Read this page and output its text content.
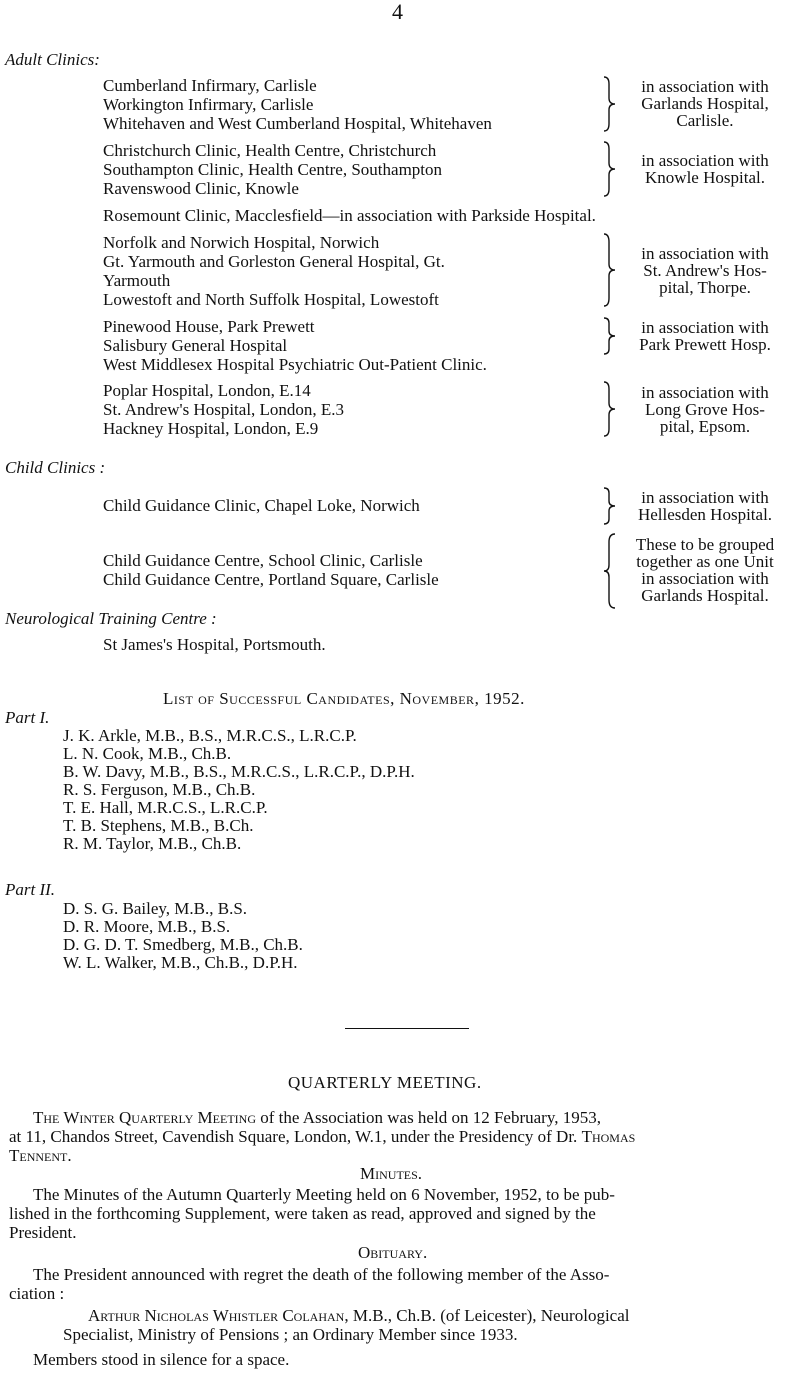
4
Adult Clinics:
Cumberland Infirmary, Carlisle
Workington Infirmary, Carlisle
Whitehaven and West Cumberland Hospital, Whitehaven
in association with
Garlands Hospital,
Carlisle.
Christchurch Clinic, Health Centre, Christchurch
Southampton Clinic, Health Centre, Southampton
Ravenswood Clinic, Knowle
in association with
Knowle Hospital.
Rosemount Clinic, Macclesfield—in association with Parkside Hospital.
Norfolk and Norwich Hospital, Norwich
Gt. Yarmouth and Gorleston General Hospital, Gt.
Yarmouth
Lowestoft and North Suffolk Hospital, Lowestoft
in association with
St. Andrew's Hos-
pital, Thorpe.
Pinewood House, Park Prewett
Salisbury General Hospital
West Middlesex Hospital Psychiatric Out-Patient Clinic.
in association with
Park Prewett Hosp.
Poplar Hospital, London, E.14
St. Andrew's Hospital, London, E.3
Hackney Hospital, London, E.9
in association with
Long Grove Hos-
pital, Epsom.
Child Clinics :
Child Guidance Clinic, Chapel Loke, Norwich	in association with
Hellesden Hospital.
Child Guidance Centre, School Clinic, Carlisle
Child Guidance Centre, Portland Square, Carlisle
These to be grouped
together as one Unit
in association with
Garlands Hospital.
Neurological Training Centre :
St James's Hospital, Portsmouth.
List of Successful Candidates, November, 1952.
Part I.
J. K. Arkle, M.B., B.S., M.R.C.S., L.R.C.P.
L. N. Cook, M.B., Ch.B.
B. W. Davy, M.B., B.S., M.R.C.S., L.R.C.P., D.P.H.
R. S. Ferguson, M.B., Ch.B.
T. E. Hall, M.R.C.S., L.R.C.P.
T. B. Stephens, M.B., B.Ch.
R. M. Taylor, M.B., Ch.B.
Part II.
D. S. G. Bailey, M.B., B.S.
D. R. Moore, M.B., B.S.
D. G. D. T. Smedberg, M.B., Ch.B.
W. L. Walker, M.B., Ch.B., D.P.H.
QUARTERLY MEETING.
The Winter Quarterly Meeting of the Association was held on 12 February, 1953,
at 11, Chandos Street, Cavendish Square, London, W.1, under the Presidency of Dr. Thomas
Tennent.
Minutes.
The Minutes of the Autumn Quarterly Meeting held on 6 November, 1952, to be pub-
lished in the forthcoming Supplement, were taken as read, approved and signed by the
President.
Obituary.
The President announced with regret the death of the following member of the Asso-
ciation :
Arthur Nicholas Whistler Colahan, M.B., Ch.B. (of Leicester), Neurological
Specialist, Ministry of Pensions ; an Ordinary Member since 1933.
Members stood in silence for a space.
